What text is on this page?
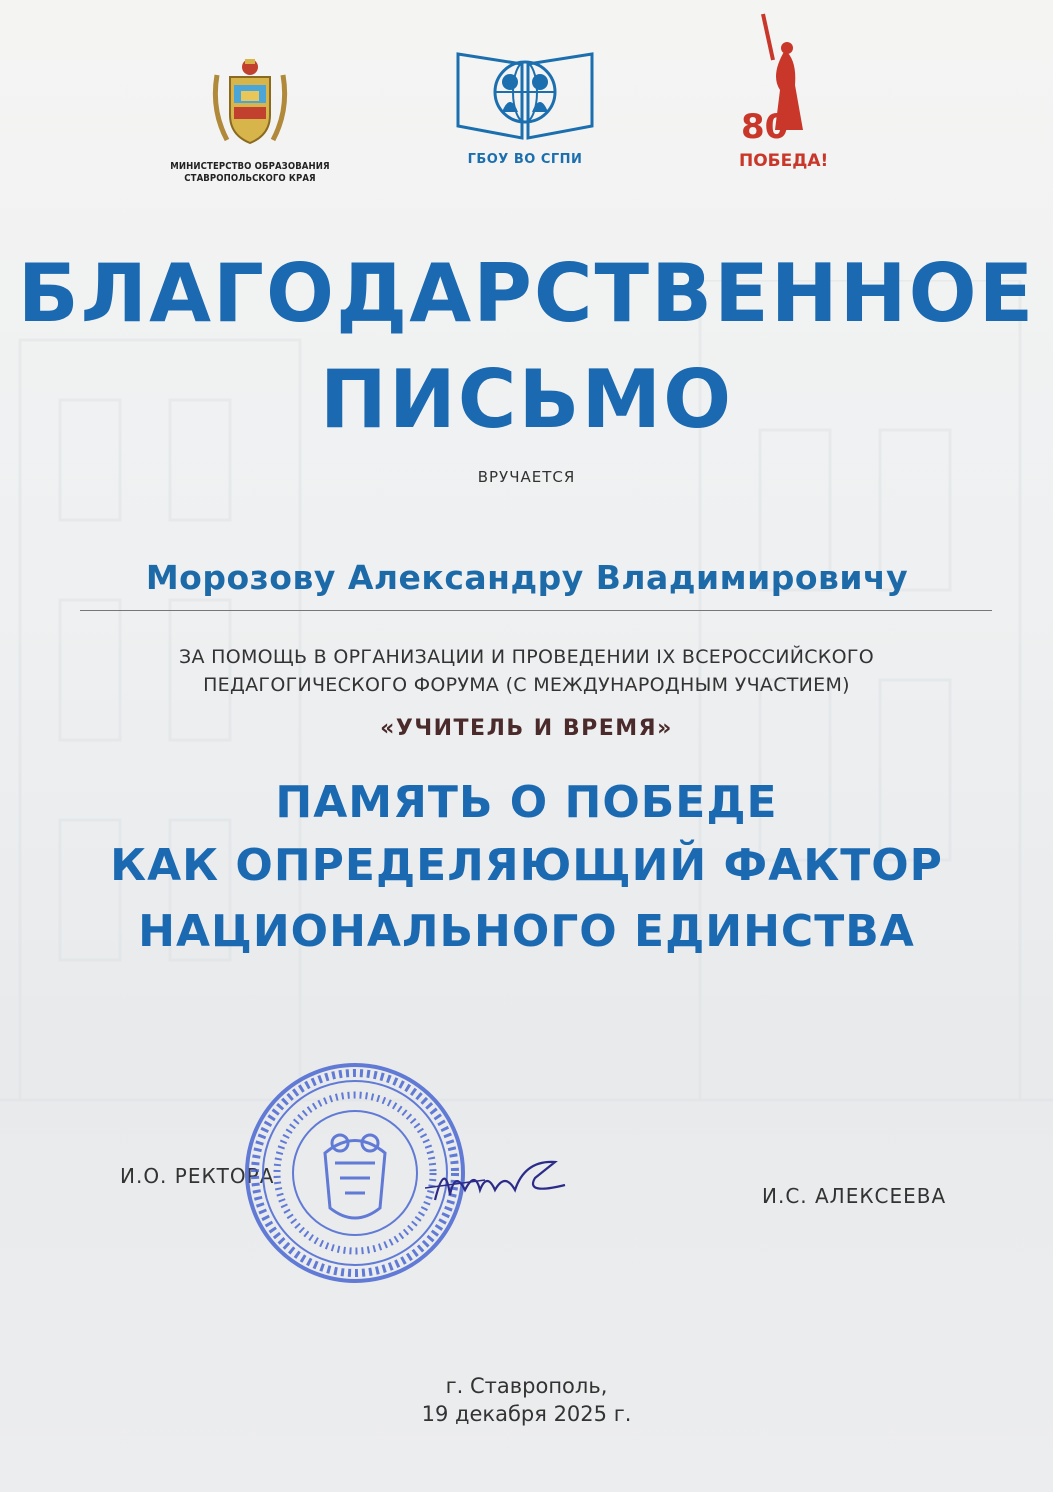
МИНИСТЕРСТВО ОБРАЗОВАНИЯ
СТАВРОПОЛЬСКОГО КРАЯ
ГБОУ ВО СГПИ
80
ПОБЕДА!
БЛАГОДАРСТВЕННОЕ
ПИСЬМО
ВРУЧАЕТСЯ
Морозову Александру Владимировичу
ЗА ПОМОЩЬ В ОРГАНИЗАЦИИ И ПРОВЕДЕНИИ IX ВСЕРОССИЙСКОГО
ПЕДАГОГИЧЕСКОГО ФОРУМА (С МЕЖДУНАРОДНЫМ УЧАСТИЕМ)
«УЧИТЕЛЬ И ВРЕМЯ»
ПАМЯТЬ О ПОБЕДЕ
КАК ОПРЕДЕЛЯЮЩИЙ ФАКТОР
НАЦИОНАЛЬНОГО ЕДИНСТВА
И.О. РЕКТОРА
И.С. АЛЕКСЕЕВА
г. Ставрополь,
19 декабря 2025 г.
